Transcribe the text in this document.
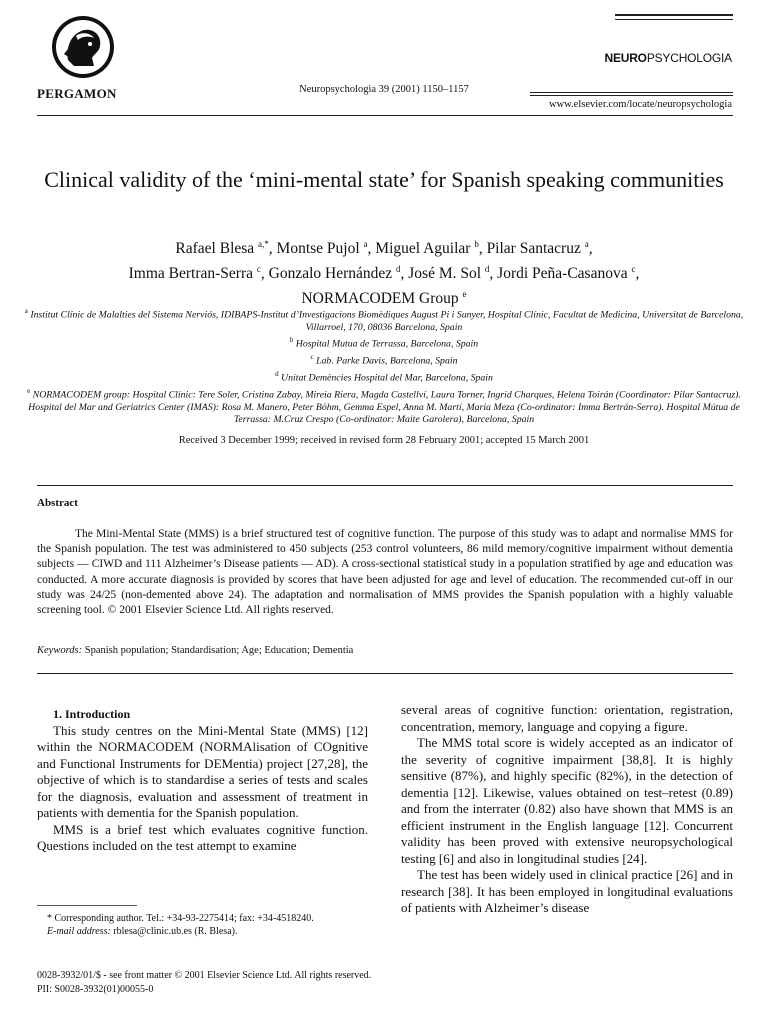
PERGAMON	Neuropsychologia 39 (2001) 1150–1157
NEUROPSYCHOLOGIA
www.elsevier.com/locate/neuropsychologia
Clinical validity of the ‘mini-mental state’ for Spanish speaking communities
Rafael Blesa $^{a,*}$, Montse Pujol $^a$, Miguel Aguilar $^b$, Pilar Santacruz $^a$,
Imma Bertran-Serra $^c$, Gonzalo Hernández $^d$, José M. Sol $^d$, Jordi Peña-Casanova $^c$,
NORMACODEM Group $^e$
$^a$ Institut Clínic de Malalties del Sistema Nerviós, IDIBAPS-Institut d’Investigacions Biomèdiques August Pi i Sunyer, Hospital Clínic, Facultat de Medicina, Universitat de Barcelona, Villarroel, 170, 08036 Barcelona, Spain
$^b$ Hospital Mutua de Terrassa, Barcelona, Spain
$^c$ Lab. Parke Davis, Barcelona, Spain
$^d$ Unitat Demències Hospital del Mar, Barcelona, Spain
$^e$ NORMACODEM group: Hospital Clínic: Tere Soler, Cristina Zabay, Mireia Riera, Magda Castellví, Laura Torner, Ingrid Charques, Helena Toirán (Coordinator: Pilar Santacruz). Hospital del Mar and Geriatrics Center (IMAS): Rosa M. Manero, Peter Böhm, Gemma Espel, Anna M. Martí, Maria Meza (Co-ordinator: Imma Bertrán-Serra). Hospital Mútua de Terrassa: M.Cruz Crespo (Co-ordinator: Maite Garolera), Barcelona, Spain
Received 3 December 1999; received in revised form 28 February 2001; accepted 15 March 2001
Abstract
The Mini-Mental State (MMS) is a brief structured test of cognitive function. The purpose of this study was to adapt and normalise MMS for the Spanish population. The test was administered to 450 subjects (253 control volunteers, 86 mild memory/cognitive impairment without dementia subjects — CIWD and 111 Alzheimer’s Disease patients — AD). A cross-sectional statistical study in a population stratified by age and education was conducted. A more accurate diagnosis is provided by scores that have been adjusted for age and level of education. The recommended cut-off in our study was 24/25 (non-demented above 24). The adaptation and normalisation of MMS provides the Spanish population with a highly valuable screening tool. © 2001 Elsevier Science Ltd. All rights reserved.
Keywords: Spanish population; Standardisation; Age; Education; Dementia

1. Introduction

This study centres on the Mini-Mental State (MMS) [12] within the NORMACODEM (NORMAlisation of COgnitive and Functional Instruments for DEMentia) project [27,28], the objective of which is to standardise a series of tests and scales for the diagnosis, evaluation and assessment of treatment in patients with dementia for the Spanish population.

MMS is a brief test which evaluates cognitive function. Questions included on the test attempt to examine

several areas of cognitive function: orientation, registration, concentration, memory, language and copying a figure.

The MMS total score is widely accepted as an indicator of the severity of cognitive impairment [38,8]. It is highly sensitive (87%), and highly specific (82%), in the detection of dementia [12]. Likewise, values obtained on test–retest (0.89) and from the interrater (0.82) also have shown that MMS is an efficient instrument in the English language [12]. Concurrent validity has been proved with extensive neuropsychological testing [6] and also in longitudinal studies [24].

The test has been widely used in clinical practice [26] and in research [38]. It has been employed in longitudinal evaluations of patients with Alzheimer’s disease

* Corresponding author. Tel.: +34-93-2275414; fax: +34-4518240.

E-mail address: rblesa@clinic.ub.es (R. Blesa).

0028-3932/01/$ - see front matter © 2001 Elsevier Science Ltd. All rights reserved.
PII: S0028-3932(01)00055-0
